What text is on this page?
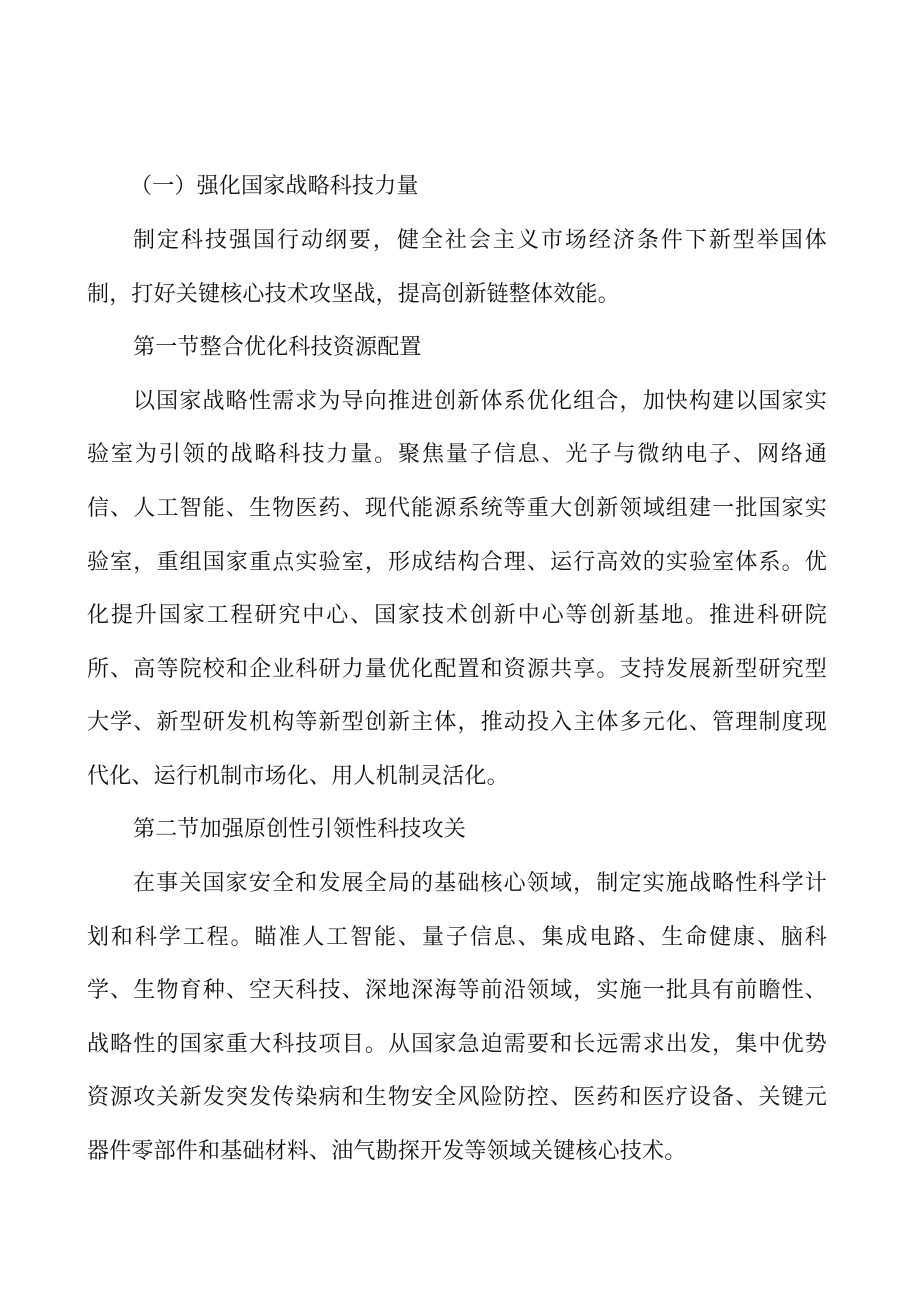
（一）强化国家战略科技力量
制定科技强国行动纲要，健全社会主义市场经济条件下新型举国体
制，打好关键核心技术攻坚战，提高创新链整体效能。
第一节整合优化科技资源配置
以国家战略性需求为导向推进创新体系优化组合，加快构建以国家实
验室为引领的战略科技力量。聚焦量子信息、光子与微纳电子、网络通
信、人工智能、生物医药、现代能源系统等重大创新领域组建一批国家实
验室，重组国家重点实验室，形成结构合理、运行高效的实验室体系。优
化提升国家工程研究中心、国家技术创新中心等创新基地。推进科研院
所、高等院校和企业科研力量优化配置和资源共享。支持发展新型研究型
大学、新型研发机构等新型创新主体，推动投入主体多元化、管理制度现
代化、运行机制市场化、用人机制灵活化。
第二节加强原创性引领性科技攻关
在事关国家安全和发展全局的基础核心领域，制定实施战略性科学计
划和科学工程。瞄准人工智能、量子信息、集成电路、生命健康、脑科
学、生物育种、空天科技、深地深海等前沿领域，实施一批具有前瞻性、
战略性的国家重大科技项目。从国家急迫需要和长远需求出发，集中优势
资源攻关新发突发传染病和生物安全风险防控、医药和医疗设备、关键元
器件零部件和基础材料、油气勘探开发等领域关键核心技术。
